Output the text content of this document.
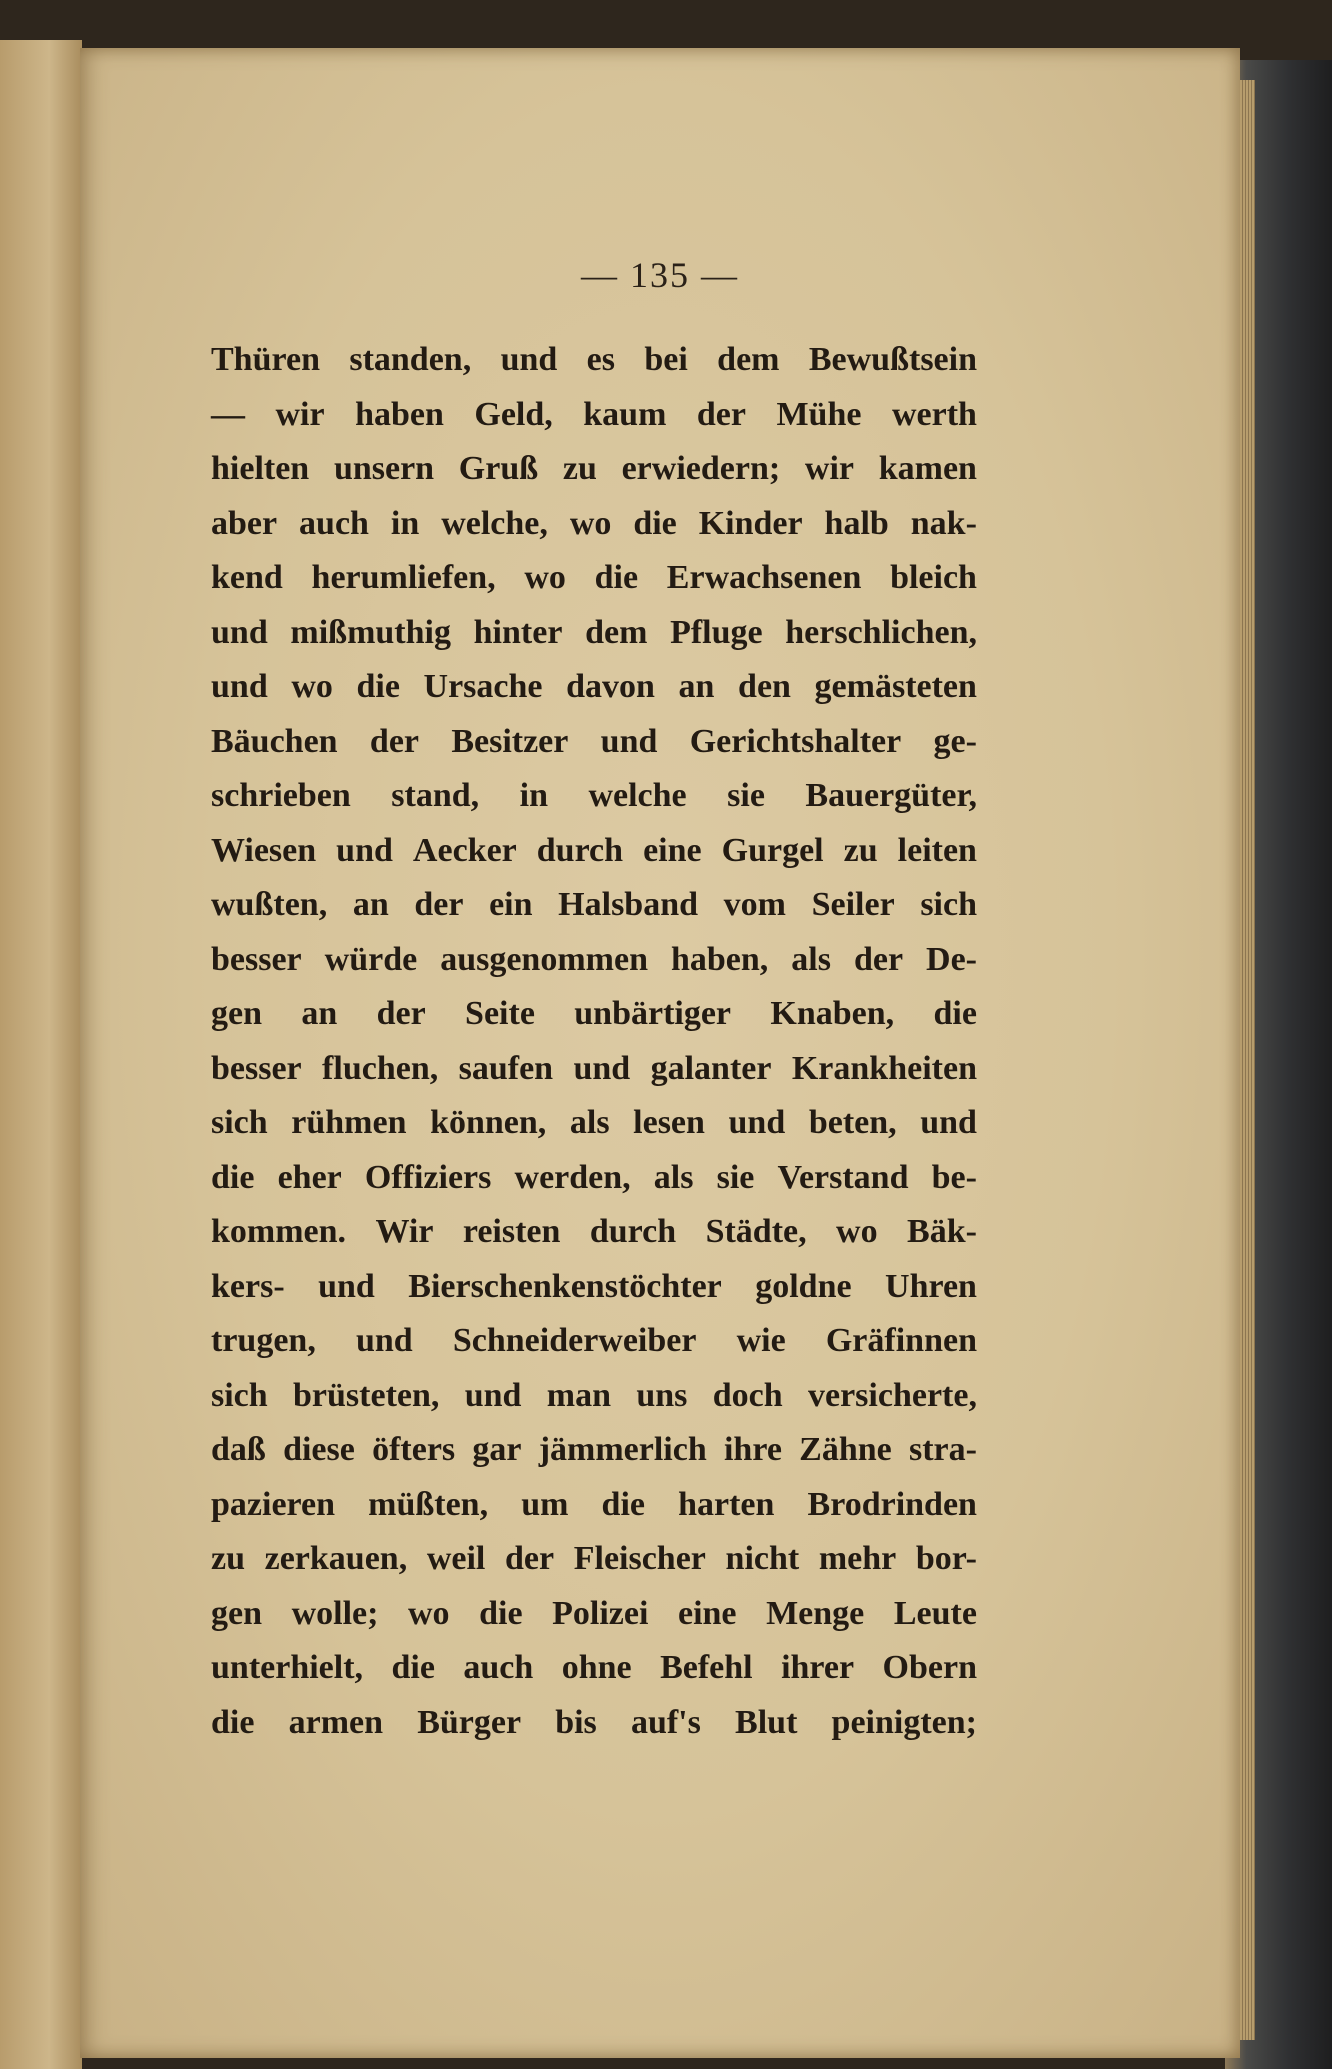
— 135 —
Thüren standen, und es bei dem Bewußtsein
— wir haben Geld, kaum der Mühe werth
hielten unsern Gruß zu erwiedern; wir kamen
aber auch in welche, wo die Kinder halb nak-
kend herumliefen, wo die Erwachsenen bleich
und mißmuthig hinter dem Pfluge herschlichen,
und wo die Ursache davon an den gemästeten
Bäuchen der Besitzer und Gerichtshalter ge-
schrieben stand, in welche sie Bauergüter,
Wiesen und Aecker durch eine Gurgel zu leiten
wußten, an der ein Halsband vom Seiler sich
besser würde ausgenommen haben, als der De-
gen an der Seite unbärtiger Knaben, die
besser fluchen, saufen und galanter Krankheiten
sich rühmen können, als lesen und beten, und
die eher Offiziers werden, als sie Verstand be-
kommen. Wir reisten durch Städte, wo Bäk-
kers- und Bierschenkenstöchter goldne Uhren
trugen, und Schneiderweiber wie Gräfinnen
sich brüsteten, und man uns doch versicherte,
daß diese öfters gar jämmerlich ihre Zähne stra-
pazieren müßten, um die harten Brodrinden
zu zerkauen, weil der Fleischer nicht mehr bor-
gen wolle; wo die Polizei eine Menge Leute
unterhielt, die auch ohne Befehl ihrer Obern
die armen Bürger bis auf's Blut peinigten;
